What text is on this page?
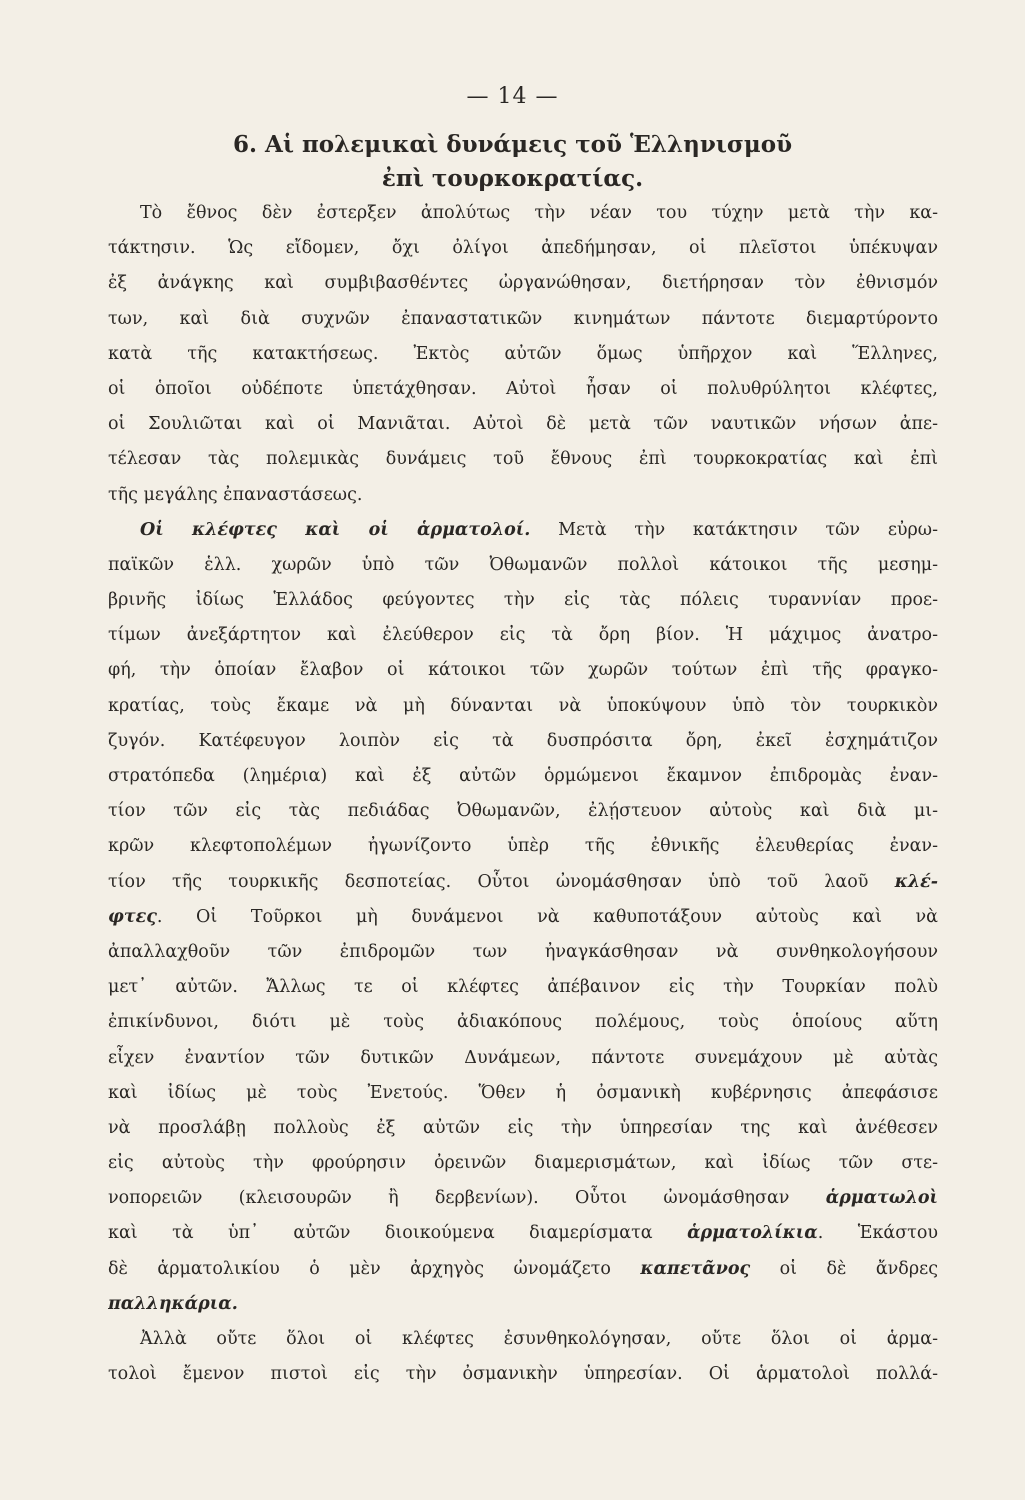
— 14 —
6. Αἱ πολεμικαὶ δυνάμεις τοῦ Ἑλληνισμοῦ
ἐπὶ τουρκοκρατίας.
Τὸ ἔθνος δὲν ἐστερξεν ἀπολύτως τὴν νέαν του τύχην μετὰ τὴν κα-
τάκτησιν. Ὡς εἴδομεν, ὄχι ὀλίγοι ἀπεδήμησαν, οἱ πλεῖστοι ὑπέκυψαν
ἐξ ἀνάγκης καὶ συμβιβασθέντες ὠργανώθησαν, διετήρησαν τὸν ἐθνισμόν
των, καὶ διὰ συχνῶν ἐπαναστατικῶν κινημάτων πάντοτε διεμαρτύροντο
κατὰ τῆς κατακτήσεως. Ἐκτὸς αὐτῶν ὅμως ὑπῆρχον καὶ Ἕλληνες,
οἱ ὁποῖοι οὐδέποτε ὑπετάχθησαν. Αὐτοὶ ἦσαν οἱ πολυθρύλητοι κλέφτες,
οἱ Σουλιῶται καὶ οἱ Μανιᾶται. Αὐτοὶ δὲ μετὰ τῶν ναυτικῶν νήσων ἀπε-
τέλεσαν τὰς πολεμικὰς δυνάμεις τοῦ ἔθνους ἐπὶ τουρκοκρατίας καὶ ἐπὶ
τῆς μεγάλης ἐπαναστάσεως.
Οἱ κλέφτες καὶ οἱ ἁρματολοί. Μετὰ τὴν κατάκτησιν τῶν εὐρω-
παϊκῶν ἑλλ. χωρῶν ὑπὸ τῶν Ὀθωμανῶν πολλοὶ κάτοικοι τῆς μεσημ-
βρινῆς ἰδίως Ἑλλάδος φεύγοντες τὴν εἰς τὰς πόλεις τυραννίαν προε-
τίμων ἀνεξάρτητον καὶ ἐλεύθερον εἰς τὰ ὄρη βίον. Ἡ μάχιμος ἀνατρο-
φή, τὴν ὁποίαν ἔλαβον οἱ κάτοικοι τῶν χωρῶν τούτων ἐπὶ τῆς φραγκο-
κρατίας, τοὺς ἔκαμε νὰ μὴ δύνανται νὰ ὑποκύψουν ὑπὸ τὸν τουρκικὸν
ζυγόν. Κατέφευγον λοιπὸν εἰς τὰ δυσπρόσιτα ὄρη, ἐκεῖ ἐσχημάτιζον
στρατόπεδα (λημέρια) καὶ ἐξ αὐτῶν ὁρμώμενοι ἔκαμνον ἐπιδρομὰς ἐναν-
τίον τῶν εἰς τὰς πεδιάδας Ὀθωμανῶν, ἐλῄστευον αὐτοὺς καὶ διὰ μι-
κρῶν κλεφτοπολέμων ἠγωνίζοντο ὑπὲρ τῆς ἐθνικῆς ἐλευθερίας ἐναν-
τίον τῆς τουρκικῆς δεσποτείας. Οὗτοι ὠνομάσθησαν ὑπὸ τοῦ λαοῦ κλέ-
φτες. Οἱ Τοῦρκοι μὴ δυνάμενοι νὰ καθυποτάξουν αὐτοὺς καὶ νὰ
ἀπαλλαχθοῦν τῶν ἐπιδρομῶν των ἠναγκάσθησαν νὰ συνθηκολογήσουν
μετ᾿ αὐτῶν. Ἄλλως τε οἱ κλέφτες ἀπέβαινον εἰς τὴν Τουρκίαν πολὺ
ἐπικίνδυνοι, διότι μὲ τοὺς ἀδιακόπους πολέμους, τοὺς ὁποίους αὕτη
εἶχεν ἐναντίον τῶν δυτικῶν Δυνάμεων, πάντοτε συνεμάχουν μὲ αὐτὰς
καὶ ἰδίως μὲ τοὺς Ἐνετούς. Ὅθεν ἡ ὀσμανικὴ κυβέρνησις ἀπεφάσισε
νὰ προσλάβῃ πολλοὺς ἐξ αὐτῶν εἰς τὴν ὑπηρεσίαν της καὶ ἀνέθεσεν
εἰς αὐτοὺς τὴν φρούρησιν ὀρεινῶν διαμερισμάτων, καὶ ἰδίως τῶν στε-
νοπορειῶν (κλεισουρῶν ἢ δερβενίων). Οὗτοι ὠνομάσθησαν ἁρματωλοὶ
καὶ τὰ ὑπ᾿ αὐτῶν διοικούμενα διαμερίσματα ἁρματολίκια. Ἑκάστου
δὲ ἁρματολικίου ὁ μὲν ἀρχηγὸς ὠνομάζετο καπετᾶνος οἱ δὲ ἄνδρες
παλληκάρια.
Ἀλλὰ οὔτε ὅλοι οἱ κλέφτες ἐσυνθηκολόγησαν, οὔτε ὅλοι οἱ ἁρμα-
τολοὶ ἔμενον πιστοὶ εἰς τὴν ὀσμανικὴν ὑπηρεσίαν. Οἱ ἁρματολοὶ πολλά-
